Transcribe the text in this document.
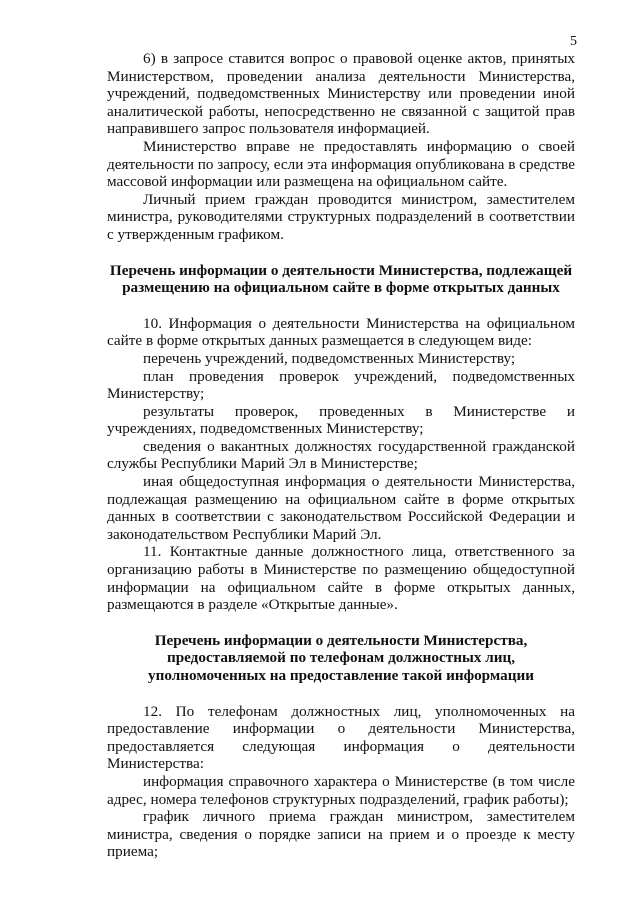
5

6) в запросе ставится вопрос о правовой оценке актов, принятых Министерством, проведении анализа деятельности Министерства, учреждений, подведомственных Министерству или проведении иной аналитической работы, непосредственно не связанной с защитой прав направившего запрос пользователя информацией.

Министерство вправе не предоставлять информацию о своей деятельности по запросу, если эта информация опубликована в средстве массовой информации или размещена на официальном сайте.

Личный прием граждан проводится министром, заместителем министра, руководителями структурных подразделений в соответствии с утвержденным графиком.

Перечень информации о деятельности Министерства, подлежащей размещению на официальном сайте в форме открытых данных

10. Информация о деятельности Министерства на официальном сайте в форме открытых данных размещается в следующем виде:

перечень учреждений, подведомственных Министерству;

план проведения проверок учреждений, подведомственных Министерству;

результаты проверок, проведенных в Министерстве и учреждениях, подведомственных Министерству;

сведения о вакантных должностях государственной гражданской службы Республики Марий Эл в Министерстве;

иная общедоступная информация о деятельности Министерства, подлежащая размещению на официальном сайте в форме открытых данных в соответствии с законодательством Российской Федерации и законодательством Республики Марий Эл.

11. Контактные данные должностного лица, ответственного за организацию работы в Министерстве по размещению общедоступной информации на официальном сайте в форме открытых данных, размещаются в разделе «Открытые данные».

Перечень информации о деятельности Министерства, предоставляемой по телефонам должностных лиц, уполномоченных на предоставление такой информации

12. По телефонам должностных лиц, уполномоченных на предоставление информации о деятельности Министерства, предоставляется следующая информация о деятельности Министерства:

информация справочного характера о Министерстве (в том числе адрес, номера телефонов структурных подразделений, график работы);

график личного приема граждан министром, заместителем министра, сведения о порядке записи на прием и о проезде к месту приема;
